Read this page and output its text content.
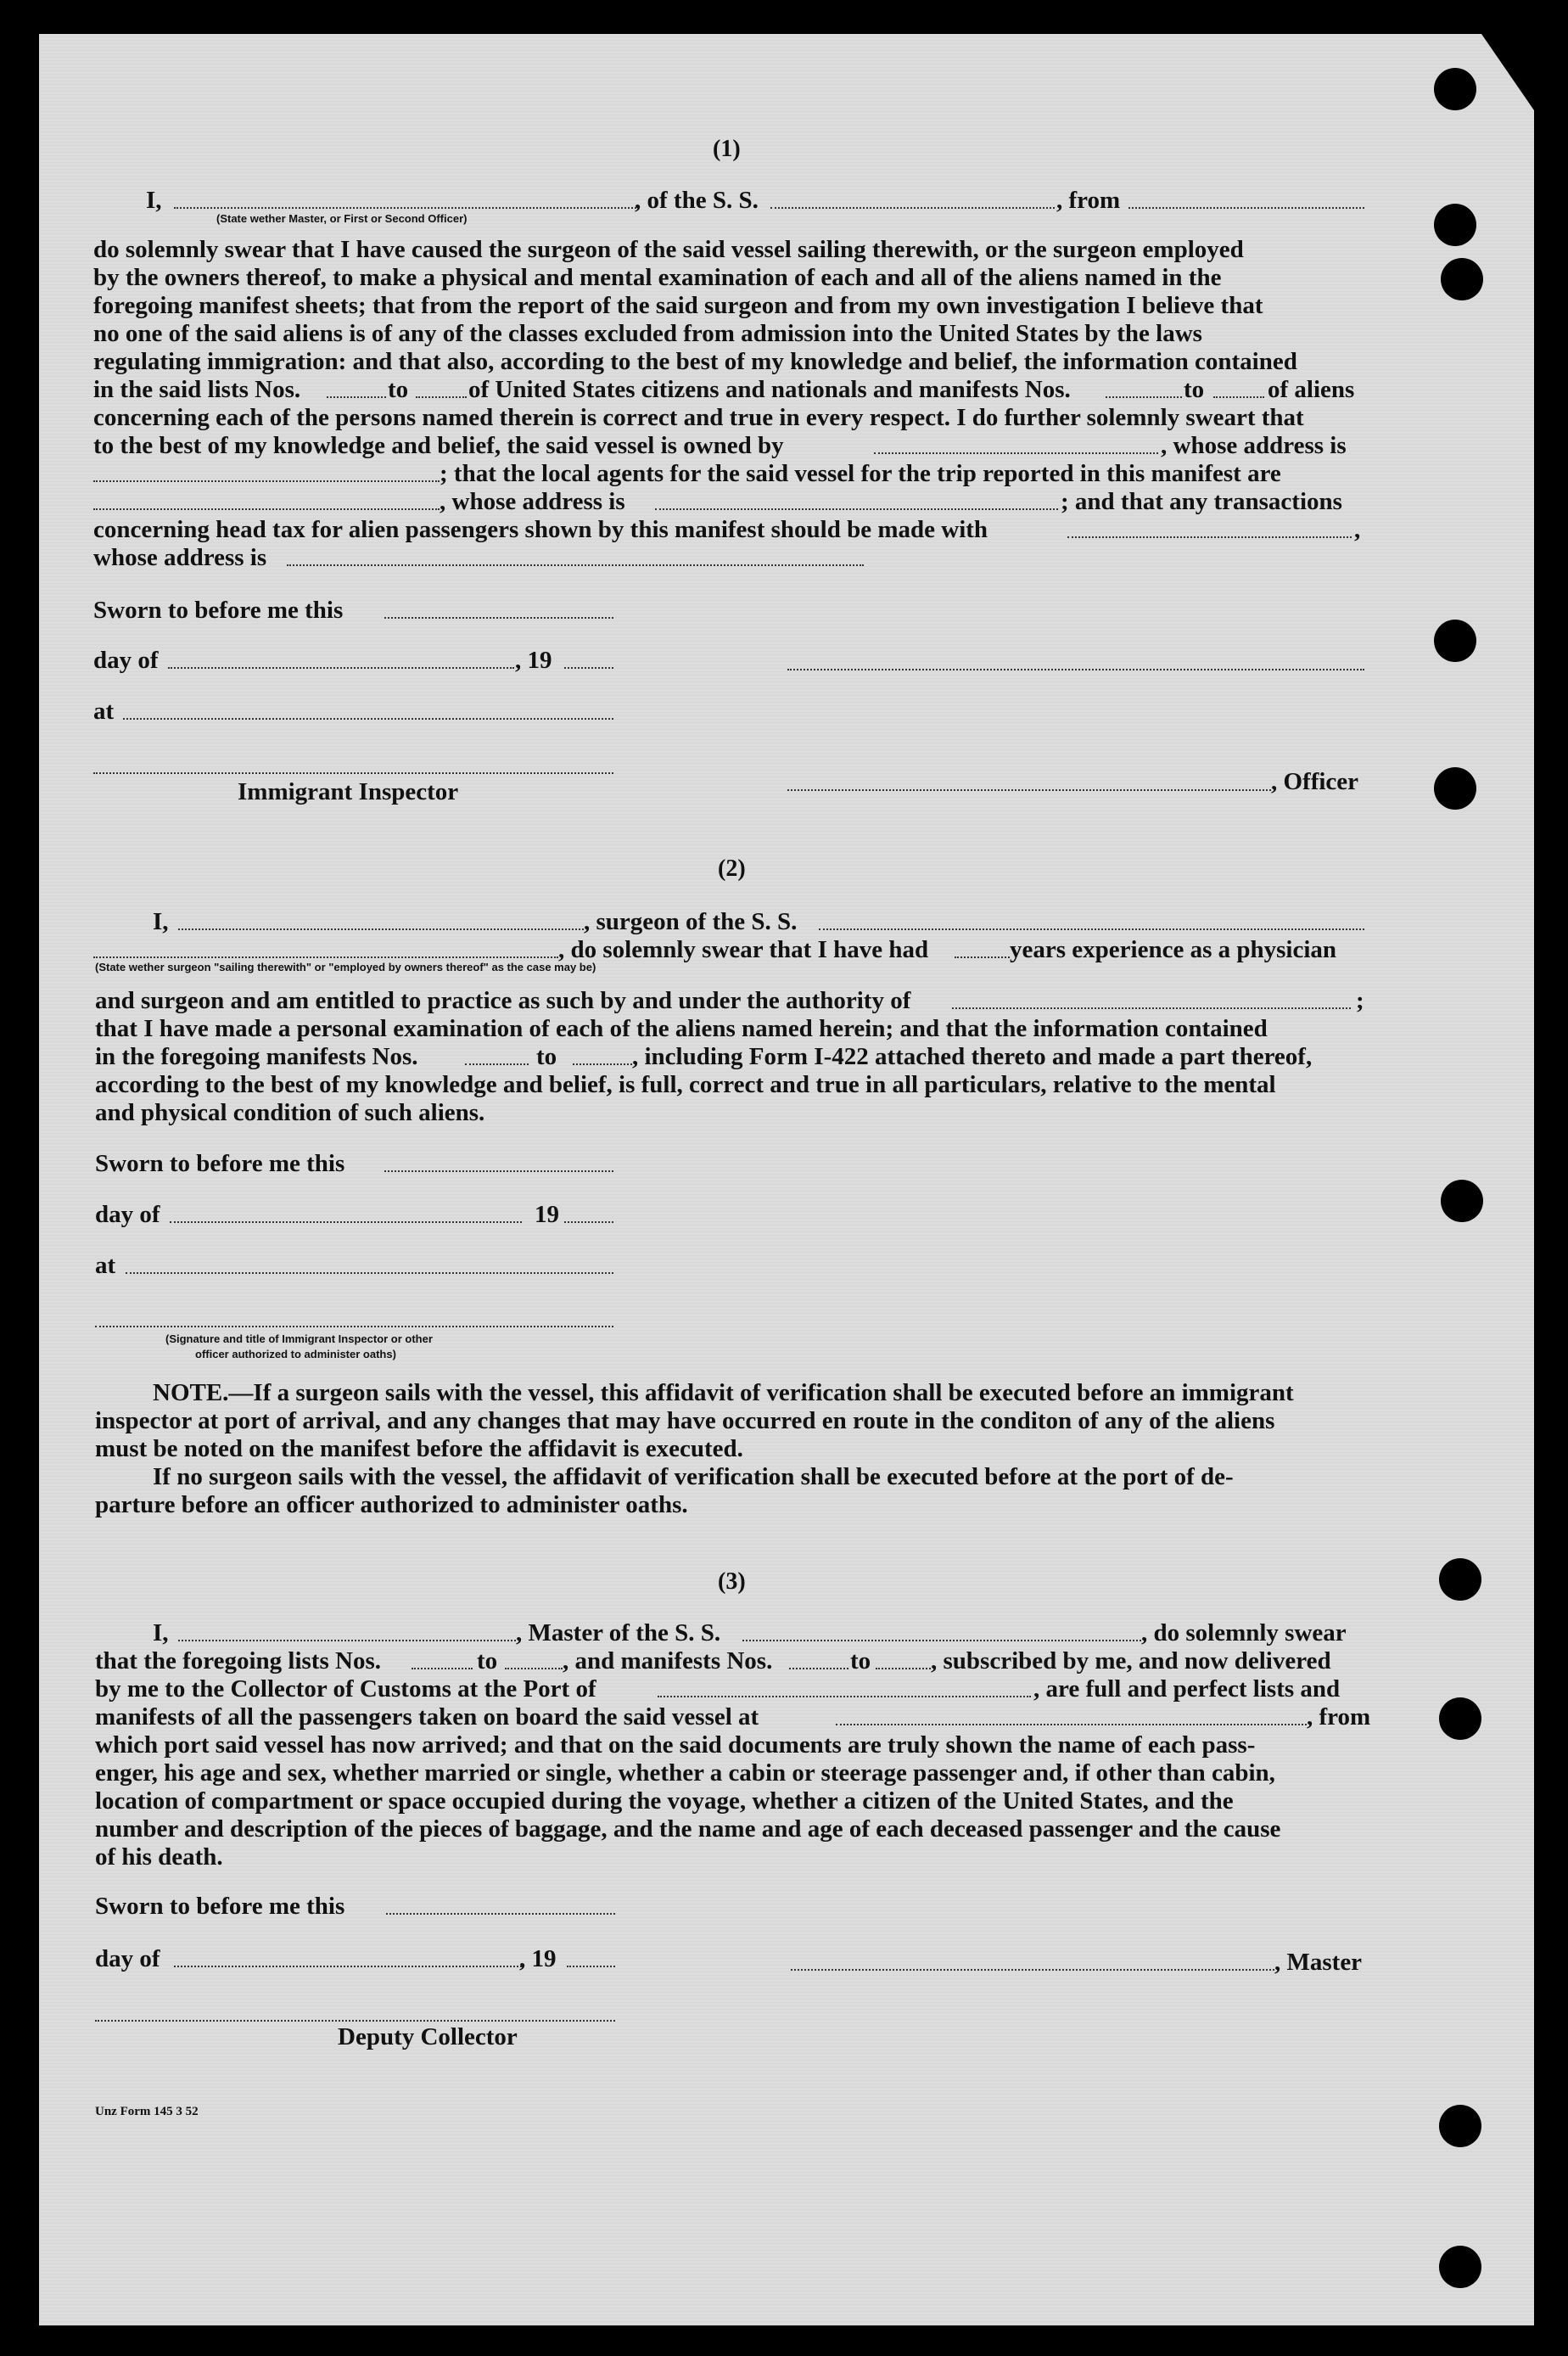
(1)
I,	, of the S. S.	, from
(State wether Master, or First or Second Officer)
do solemnly swear that I have caused the surgeon of the said vessel sailing therewith, or the surgeon employed
by the owners thereof, to make a physical and mental examination of each and all of the aliens named in the
foregoing manifest sheets; that from the report of the said surgeon and from my own investigation I believe that
no one of the said aliens is of any of the classes excluded from admission into the United States by the laws
regulating immigration: and that also, according to the best of my knowledge and belief, the information contained
in the said lists Nos.	to of United States citizens and nationals and manifests Nos.	to	of aliens
concerning each of the persons named therein is correct and true in every respect. I do further solemnly sweart that
to the best of my knowledge and belief, the said vessel is owned by	, whose address is
; that the local agents for the said vessel for the trip reported in this manifest are
, whose address is	; and that any transactions
concerning head tax for alien passengers shown by this manifest should be made with	,
whose address is
Sworn to before me this
day of	, 19
at
Immigrant Inspector	, Officer
(2)
I,	, surgeon of the S. S.
, do solemnly swear that I have had	years experience as a physician
(State wether surgeon "sailing therewith" or "employed by owners thereof" as the case may be)
and surgeon and am entitled to practice as such by and under the authority of	;
that I have made a personal examination of each of the aliens named herein; and that the information contained
in the foregoing manifests Nos.	to	, including Form I-422 attached thereto and made a part thereof,
according to the best of my knowledge and belief, is full, correct and true in all particulars, relative to the mental
and physical condition of such aliens.
Sworn to before me this
day of	19
at
(Signature and title of Immigrant Inspector or other
officer authorized to administer oaths)
NOTE.—If a surgeon sails with the vessel, this affidavit of verification shall be executed before an immigrant
inspector at port of arrival, and any changes that may have occurred en route in the conditon of any of the aliens
must be noted on the manifest before the affidavit is executed.
If no surgeon sails with the vessel, the affidavit of verification shall be executed before at the port of de-
parture before an officer authorized to administer oaths.
(3)
I,	, Master of the S. S.	, do solemnly swear
that the foregoing lists Nos.	to	, and manifests Nos.	to , subscribed by me, and now delivered
by me to the Collector of Customs at the Port of	, are full and perfect lists and
manifests of all the passengers taken on board the said vessel at	, from
which port said vessel has now arrived; and that on the said documents are truly shown the name of each pass-
enger, his age and sex, whether married or single, whether a cabin or steerage passenger and, if other than cabin,
location of compartment or space occupied during the voyage, whether a citizen of the United States, and the
number and description of the pieces of baggage, and the name and age of each deceased passenger and the cause
of his death.
Sworn to before me this
day of	, 19	, Master
Deputy Collector
Unz Form 145 3 52
